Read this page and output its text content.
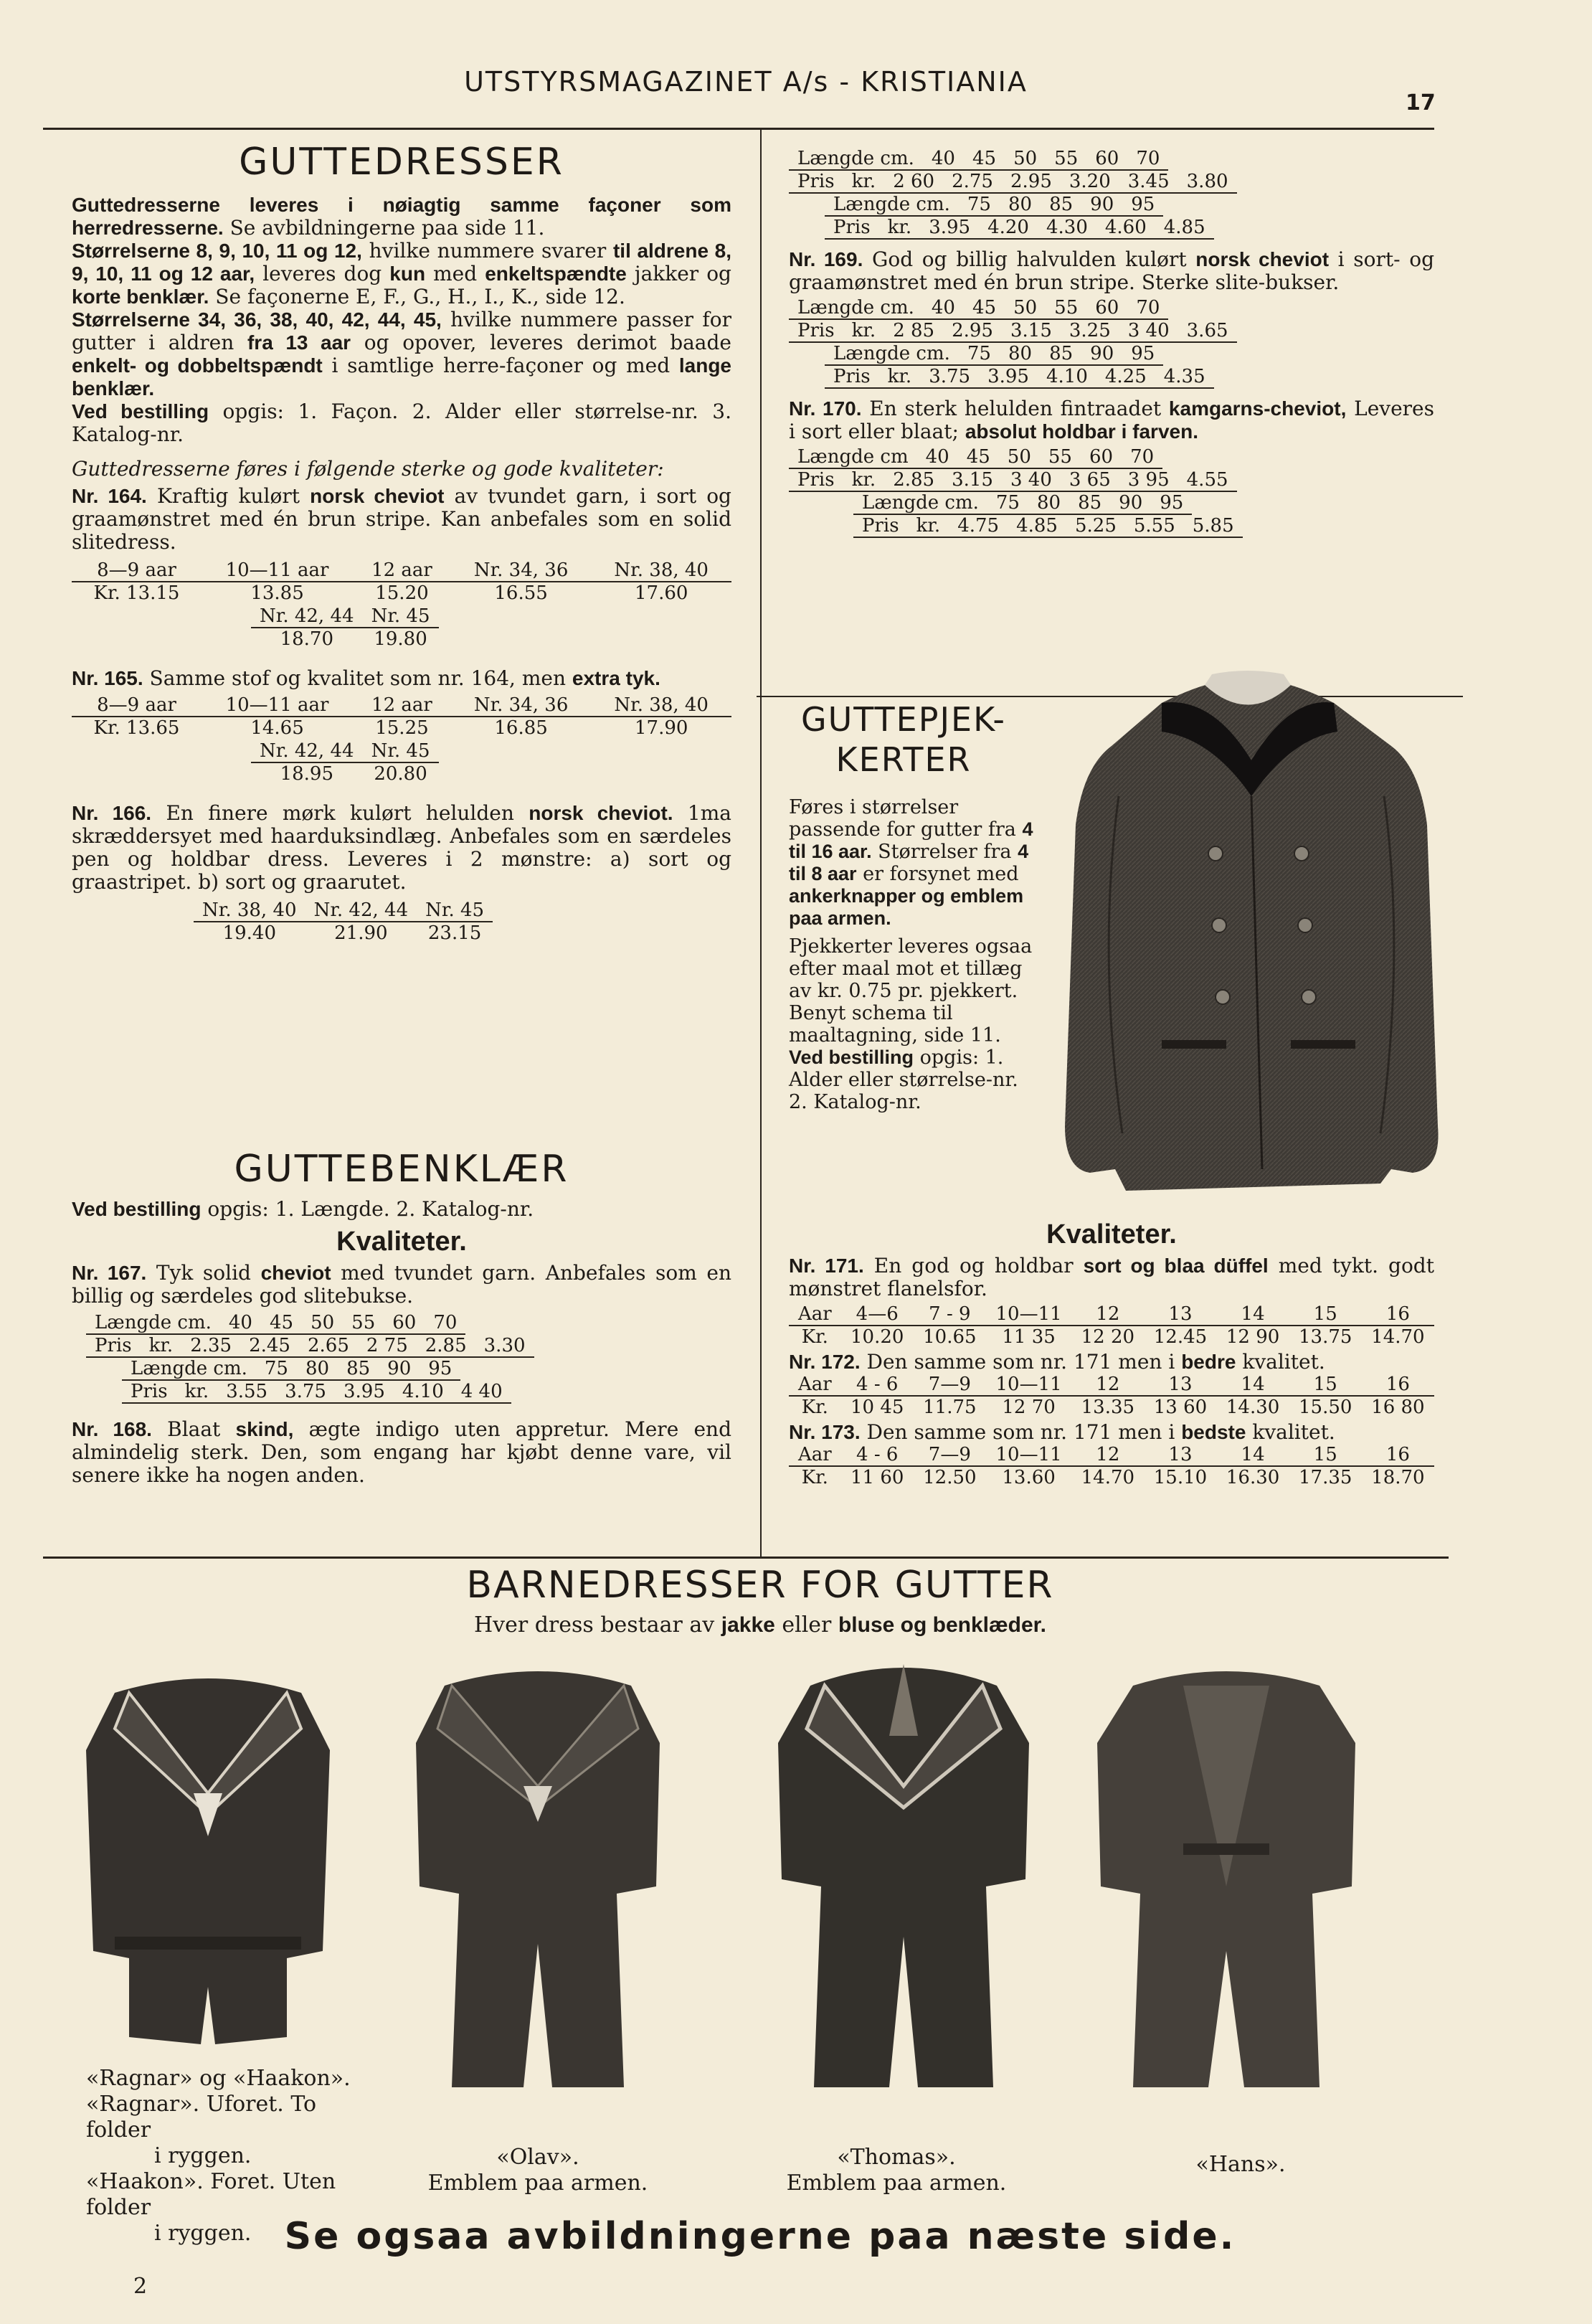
UTSTYRSMAGAZINET A/s - KRISTIANIA
17
GUTTEDRESSER

Guttedresserne leveres i nøiagtig samme façoner som herredresserne. Se avbildningerne paa side 11.

Størrelserne 8, 9, 10, 11 og 12, hvilke nummere svarer til aldrene 8, 9, 10, 11 og 12 aar, leveres dog kun med enkeltspændte jakker og korte benklær. Se façonerne E, F., G., H., I., K., side 12.

Størrelserne 34, 36, 38, 40, 42, 44, 45, hvilke nummere passer for gutter i aldren fra 13 aar og opover, leveres derimot baade enkelt- og dobbeltspændt i samtlige herre-façoner og med lange benklær.

Ved bestilling opgis: 1. Façon. 2. Alder eller størrelse-nr. 3. Katalog-nr.

Guttedresserne føres i følgende sterke og gode kvaliteter:

Nr. 164. Kraftig kulørt norsk cheviot av tvundet garn, i sort og graamønstret med én brun stripe. Kan anbefales som en solid slitedress.

8—9 aar	10—11 aar	12 aar	Nr. 34, 36	Nr. 38, 40
Kr. 13.15	13.85	15.20	16.55	17.60
Nr. 42, 44	Nr. 45
18.70	19.80

Nr. 165. Samme stof og kvalitet som nr. 164, men extra tyk.

8—9 aar	10—11 aar	12 aar	Nr. 34, 36	Nr. 38, 40
Kr. 13.65	14.65	15.25	16.85	17.90
Nr. 42, 44	Nr. 45
18.95	20.80

Nr. 166. En finere mørk kulørt helulden norsk cheviot. 1ma skræddersyet med haarduksindlæg. Anbefales som en særdeles pen og holdbar dress. Leveres i 2 mønstre: a) sort og graastripet. b) sort og graarutet.

Nr. 38, 40	Nr. 42, 44	Nr. 45
19.40	21.90	23.15
GUTTEBENKLÆR

Ved bestilling opgis: 1. Længde. 2. Katalog-nr.

Kvaliteter.

Nr. 167. Tyk solid cheviot med tvundet garn. Anbefales som en billig og særdeles god slitebukse.

Længde cm.	40	45	50	55	60	70
Pris	kr.	2.35	2.45	2.65	2 75	2.85	3.30
Længde cm.	75	80	85	90	95
Pris	kr.	3.55	3.75	3.95	4.10	4 40

Nr. 168. Blaat skind, ægte indigo uten appretur. Mere end almindelig sterk. Den, som engang har kjøbt denne vare, vil senere ikke ha nogen anden.

Længde cm.	40	45	50	55	60	70
Pris	kr.	2 60	2.75	2.95	3.20	3.45	3.80
Længde cm.	75	80	85	90	95
Pris	kr.	3.95	4.20	4.30	4.60	4.85

Nr. 169. God og billig halvulden kulørt norsk cheviot i sort- og graamønstret med én brun stripe. Sterke slite-bukser.

Længde cm.	40	45	50	55	60	70
Pris	kr.	2 85	2.95	3.15	3.25	3 40	3.65
Længde cm.	75	80	85	90	95
Pris	kr.	3.75	3.95	4.10	4.25	4.35

Nr. 170. En sterk helulden fintraadet kamgarns-cheviot, Leveres i sort eller blaat; absolut holdbar i farven.

Længde cm	40	45	50	55	60	70
Pris	kr.	2.85	3.15	3 40	3 65	3 95	4.55
Længde cm.	75	80	85	90	95
Pris	kr.	4.75	4.85	5.25	5.55	5.85
GUTTEPJEK-
KERTER

Føres i størrelser passende for gutter fra 4 til 16 aar. Størrelser fra 4 til 8 aar er forsynet med ankerknapper og emblem paa armen.

Pjekkerter leveres ogsaa efter maal mot et tillæg av kr. 0.75 pr. pjekkert. Benyt schema til maaltagning, side 11.

Ved bestilling opgis: 1. Alder eller størrelse-nr. 2. Katalog-nr.

Kvaliteter.

Nr. 171. En god og holdbar sort og blaa düffel med tykt. godt mønstret flanelsfor.

Aar	4—6	7 - 9	10—11	12	13	14	15	16
Kr.	10.20	10.65	11 35	12 20	12.45	12 90	13.75	14.70

Nr. 172. Den samme som nr. 171 men i bedre kvalitet.

Aar	4 - 6	7—9	10—11	12	13	14	15	16
Kr.	10 45	11.75	12 70	13.35	13 60	14.30	15.50	16 80

Nr. 173. Den samme som nr. 171 men i bedste kvalitet.

Aar	4 - 6	7—9	10—11	12	13	14	15	16
Kr.	11 60	12.50	13.60	14.70	15.10	16.30	17.35	18.70
BARNEDRESSER FOR GUTTER
Hver dress bestaar av jakke eller bluse og benklæder.
«Ragnar» og «Haakon».
«Ragnar». Uforet. To folder
i ryggen.
«Haakon». Foret. Uten folder
i ryggen.
«Olav».
Emblem paa armen.
«Thomas».
Emblem paa armen.
«Hans».
Se ogsaa avbildningerne paa næste side.
2
